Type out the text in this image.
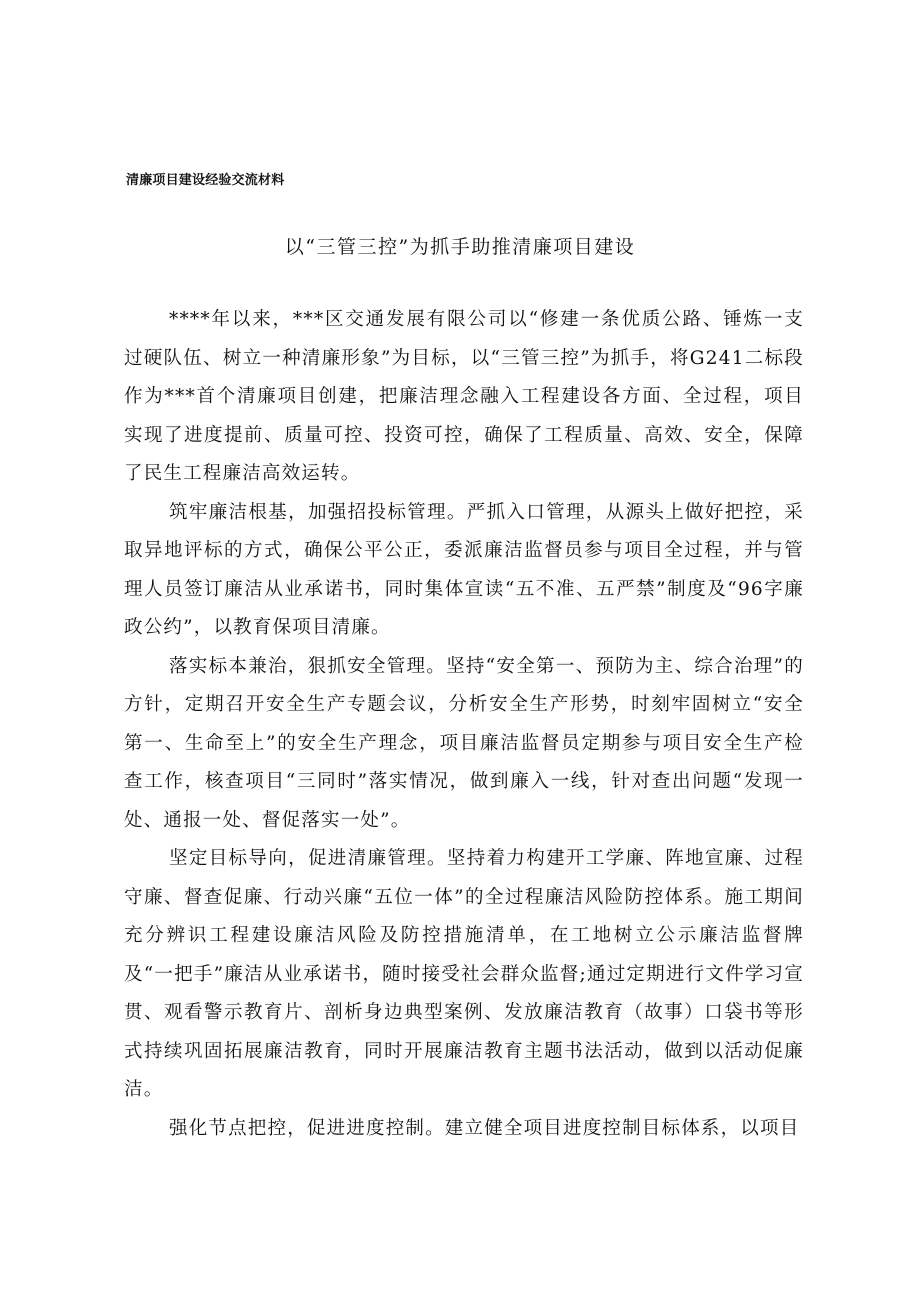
清廉项目建设经验交流材料
以“三管三控”为抓手助推清廉项目建设

****年以来，***区交通发展有限公司以“修建一条优质公路、锤炼一支过硬队伍、树立一种清廉形象”为目标，以“三管三控”为抓手，将G241二标段作为***首个清廉项目创建，把廉洁理念融入工程建设各方面、全过程，项目实现了进度提前、质量可控、投资可控，确保了工程质量、高效、安全，保障了民生工程廉洁高效运转。

筑牢廉洁根基，加强招投标管理。严抓入口管理，从源头上做好把控，采取异地评标的方式，确保公平公正，委派廉洁监督员参与项目全过程，并与管理人员签订廉洁从业承诺书，同时集体宣读“五不准、五严禁”制度及“96字廉政公约”，以教育保项目清廉。

落实标本兼治，狠抓安全管理。坚持“安全第一、预防为主、综合治理”的方针，定期召开安全生产专题会议，分析安全生产形势，时刻牢固树立“安全第一、生命至上”的安全生产理念，项目廉洁监督员定期参与项目安全生产检查工作，核查项目“三同时”落实情况，做到廉入一线，针对查出问题“发现一处、通报一处、督促落实一处”。

坚定目标导向，促进清廉管理。坚持着力构建开工学廉、阵地宣廉、过程守廉、督查促廉、行动兴廉“五位一体”的全过程廉洁风险防控体系。施工期间充分辨识工程建设廉洁风险及防控措施清单，在工地树立公示廉洁监督牌及“一把手”廉洁从业承诺书，随时接受社会群众监督;通过定期进行文件学习宣贯、观看警示教育片、剖析身边典型案例、发放廉洁教育（故事）口袋书等形式持续巩固拓展廉洁教育，同时开展廉洁教育主题书法活动，做到以活动促廉洁。

强化节点把控，促进进度控制。建立健全项目进度控制目标体系，以项目
